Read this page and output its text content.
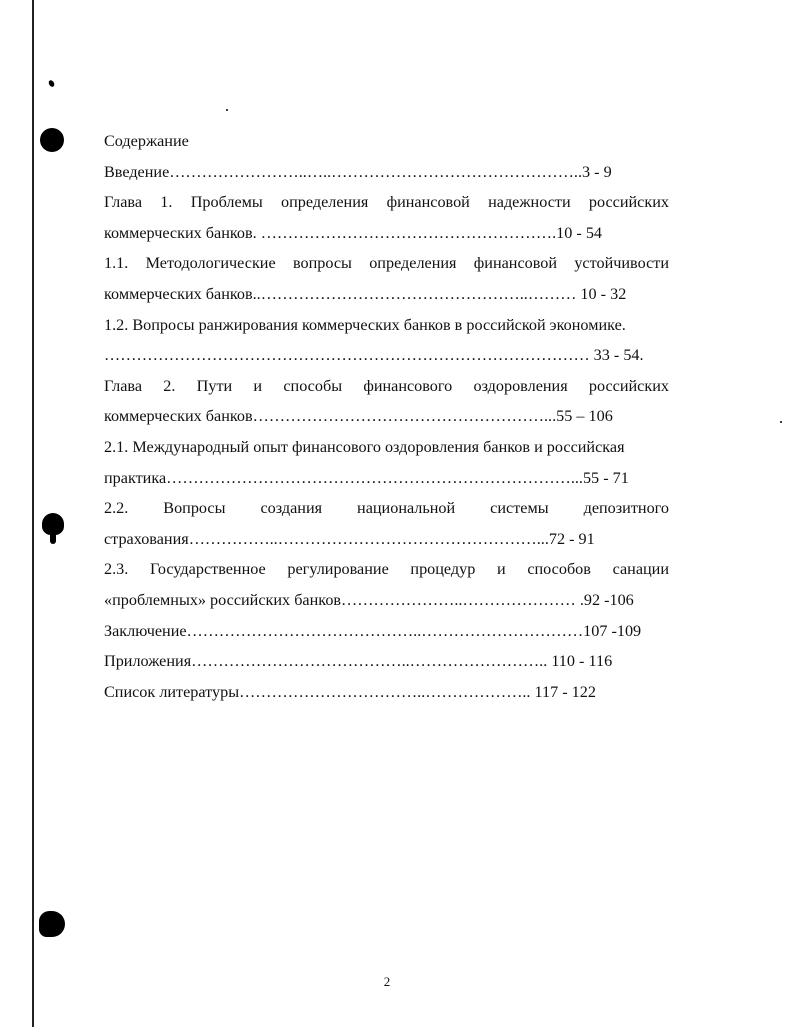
Содержание
Введение……………………..…..………………………………………..3 - 9
Глава 1. Проблемы определения финансовой надежности российских
коммерческих банков. ……………………………………………….10 - 54
1.1. Методологические вопросы определения финансовой устойчивости
коммерческих банков..…………………………………………..……… 10 - 32
1.2. Вопросы ранжирования коммерческих банков в российской экономике.
……………………………………………………………………………… 33 - 54.
Глава 2. Пути и способы финансового оздоровления российских
коммерческих банков………………………………………………...55 – 106
2.1. Международный опыт финансового оздоровления банков и российская
практика…………………………………………………………………...55 - 71
2.2. Вопросы создания национальной системы депозитного
страхования……………..…………………………………………...72 - 91
2.3. Государственное регулирование процедур и способов санации
«проблемных» российских банков…………………..………………… .92 -106
Заключение……………………………………..…………………………107 -109
Приложения…………………………………..…………………….. 110 - 116
Список литературы……………………………..……………….. 117 - 122
2
